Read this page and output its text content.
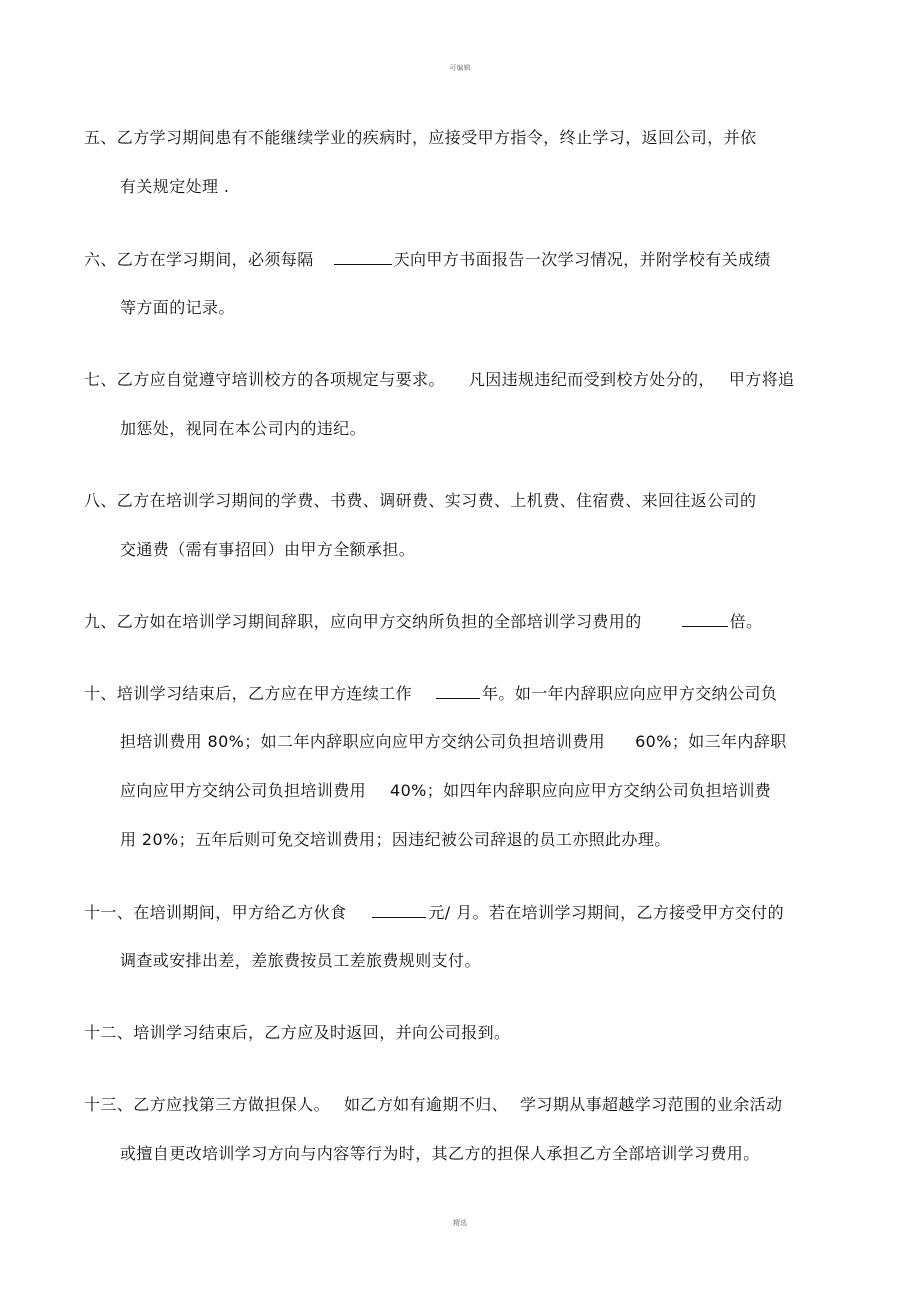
可编辑
五、乙方学习期间患有不能继续学业的疾病时，应接受甲方指令，终止学习，返回公司，并依
有关规定处理 .
六、乙方在学习期间，必须每隔	天向甲方书面报告一次学习情况，并附学校有关成绩
等方面的记录。
七、乙方应自觉遵守培训校方的各项规定与要求。 凡因违规违纪而受到校方处分的， 甲方将追
加惩处，视同在本公司内的违纪。
八、乙方在培训学习期间的学费、书费、调研费、实习费、上机费、住宿费、来回往返公司的
交通费（需有事招回）由甲方全额承担。
九、乙方如在培训学习期间辞职，应向甲方交纳所负担的全部培训学习费用的	倍。
十、培训学习结束后，乙方应在甲方连续工作	年。如一年内辞职应向应甲方交纳公司负
担培训费用 80%；如二年内辞职应向应甲方交纳公司负担培训费用 60%；如三年内辞职
应向应甲方交纳公司负担培训费用 40%；如四年内辞职应向应甲方交纳公司负担培训费
用 20%；五年后则可免交培训费用；因违纪被公司辞退的员工亦照此办理。
十一、在培训期间，甲方给乙方伙食	元/ 月。若在培训学习期间，乙方接受甲方交付的
调查或安排出差，差旅费按员工差旅费规则支付。
十二、培训学习结束后，乙方应及时返回，并向公司报到。
十三、乙方应找第三方做担保人。 如乙方如有逾期不归、 学习期从事超越学习范围的业余活动
或擅自更改培训学习方向与内容等行为时，其乙方的担保人承担乙方全部培训学习费用。
精选
